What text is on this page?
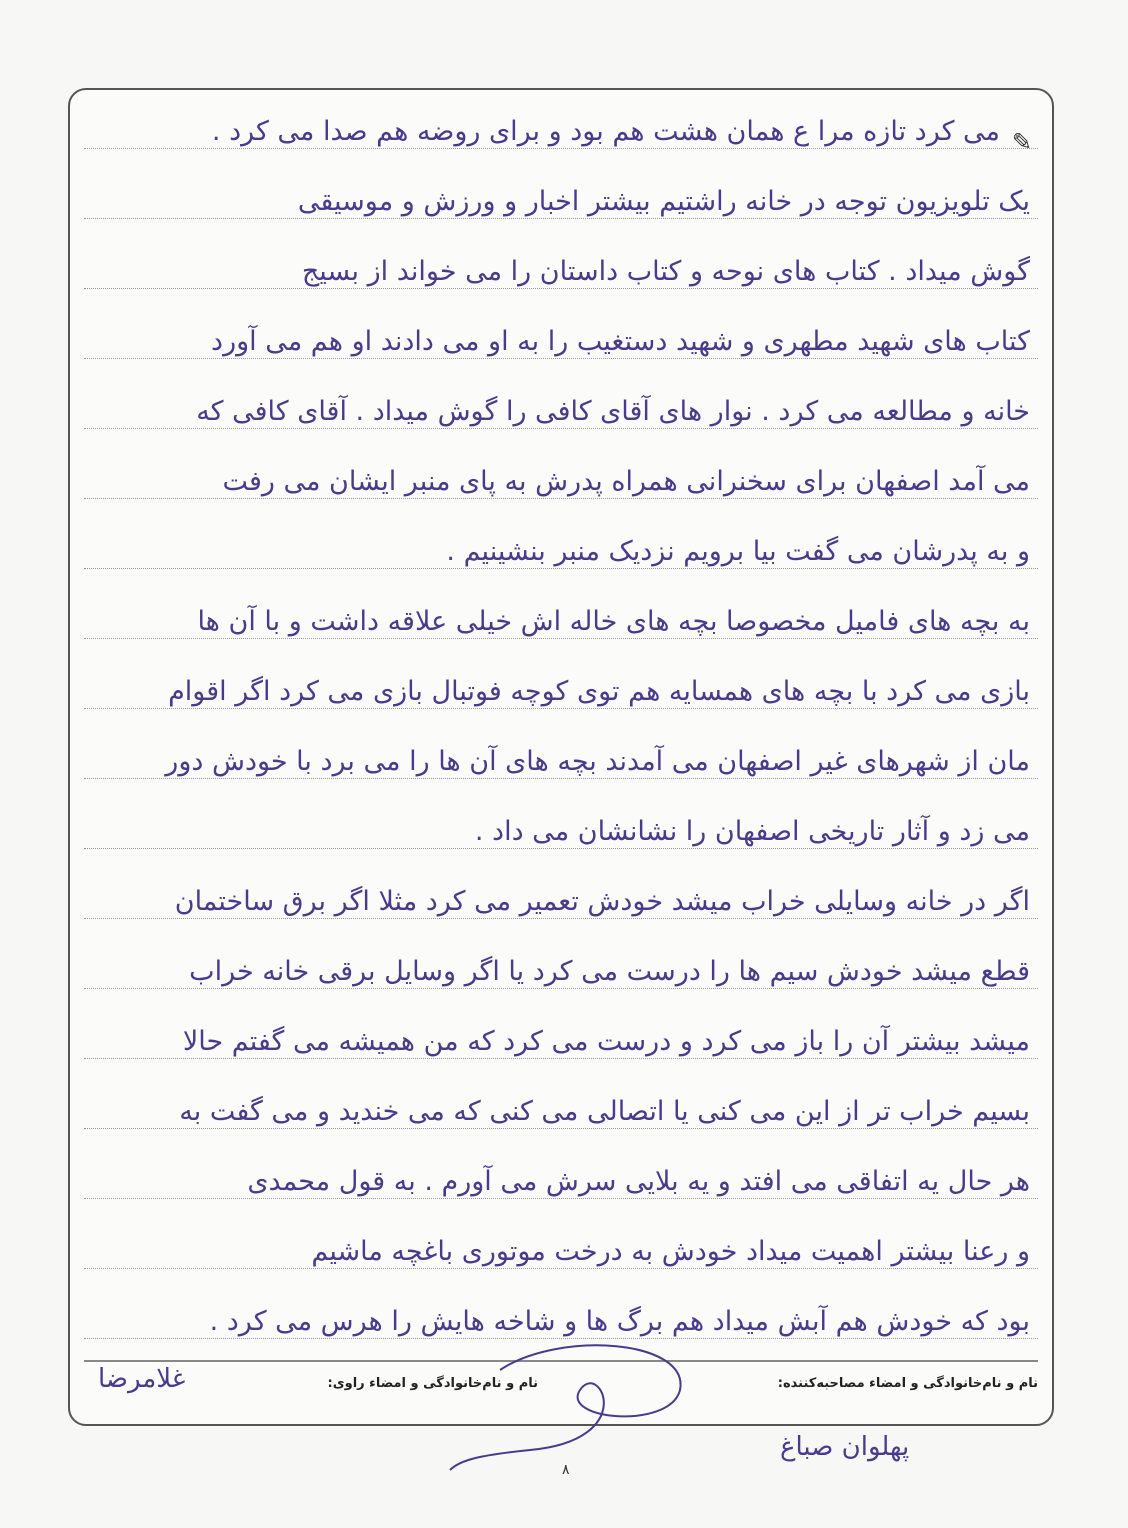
✎
می کرد تازه مرا ع همان هشت هم بود و برای روضه هم صدا می کرد .
یک تلویزیون توجه در خانه راشتیم بیشتر اخبار و ورزش و موسیقی
گوش میداد . کتاب های نوحه و کتاب داستان را می خواند از بسیج
کتاب های شهید مطهری و شهید دستغیب را به او می دادند او هم می آورد
خانه و مطالعه می کرد . نوار های آقای کافی را گوش میداد . آقای کافی که
می آمد اصفهان برای سخنرانی همراه پدرش به پای منبر ایشان می رفت
و به پدرشان می گفت بیا برویم نزدیک منبر بنشینیم .
به بچه های فامیل مخصوصا بچه های خاله اش خیلی علاقه داشت و با آن ها
بازی می کرد با بچه های همسایه هم توی کوچه فوتبال بازی می کرد اگر اقوام
مان از شهرهای غیر اصفهان می آمدند بچه های آن ها را می برد با خودش دور
می زد و آثار تاریخی اصفهان را نشانشان می داد .
اگر در خانه وسایلی خراب میشد خودش تعمیر می کرد مثلا اگر برق ساختمان
قطع میشد خودش سیم ها را درست می کرد یا اگر وسایل برقی خانه خراب
میشد بیشتر آن را باز می کرد و درست می کرد که من همیشه می گفتم حالا
بسیم خراب تر از این می کنی یا اتصالی می کنی که می خندید و می گفت به
هر حال یه اتفاقی می افتد و یه بلایی سرش می آورم . به قول محمدی
و رعنا بیشتر اهمیت میداد خودش به درخت موتوری باغچه ماشیم
بود که خودش هم آبش میداد هم برگ ها و شاخه هایش را هرس می کرد .
نام و نام‌خانوادگی و امضاء مصاحبه‌کننده:
نام و نام‌خانوادگی و امضاء راوی:
غلامرضا
پهلوان صباغ
۸
